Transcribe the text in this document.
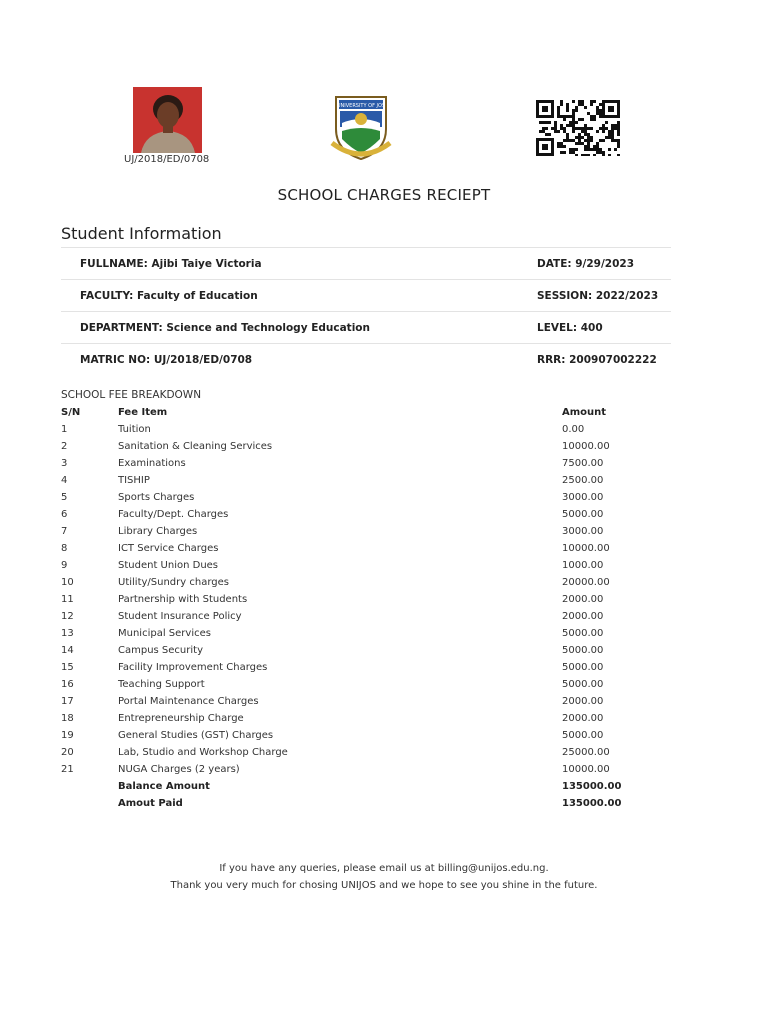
UJ/2018/ED/0708
UNIVERSITY OF JOS
SCHOOL CHARGES RECIEPT
Student Information
FULLNAME: Ajibi Taiye Victoria	DATE: 9/29/2023
FACULTY: Faculty of Education	SESSION: 2022/2023
DEPARTMENT: Science and Technology Education	LEVEL: 400
MATRIC NO: UJ/2018/ED/0708	RRR: 200907002222
SCHOOL FEE BREAKDOWN
S/N	Fee Item	Amount
1	Tuition	0.00
2	Sanitation & Cleaning Services	10000.00
3	Examinations	7500.00
4	TISHIP	2500.00
5	Sports Charges	3000.00
6	Faculty/Dept. Charges	5000.00
7	Library Charges	3000.00
8	ICT Service Charges	10000.00
9	Student Union Dues	1000.00
10	Utility/Sundry charges	20000.00
11	Partnership with Students	2000.00
12	Student Insurance Policy	2000.00
13	Municipal Services	5000.00
14	Campus Security	5000.00
15	Facility Improvement Charges	5000.00
16	Teaching Support	5000.00
17	Portal Maintenance Charges	2000.00
18	Entrepreneurship Charge	2000.00
19	General Studies (GST) Charges	5000.00
20	Lab, Studio and Workshop Charge	25000.00
21	NUGA Charges (2 years)	10000.00
Balance Amount	135000.00
Amout Paid	135000.00
If you have any queries, please email us at billing@unijos.edu.ng.
Thank you very much for chosing UNIJOS and we hope to see you shine in the future.
